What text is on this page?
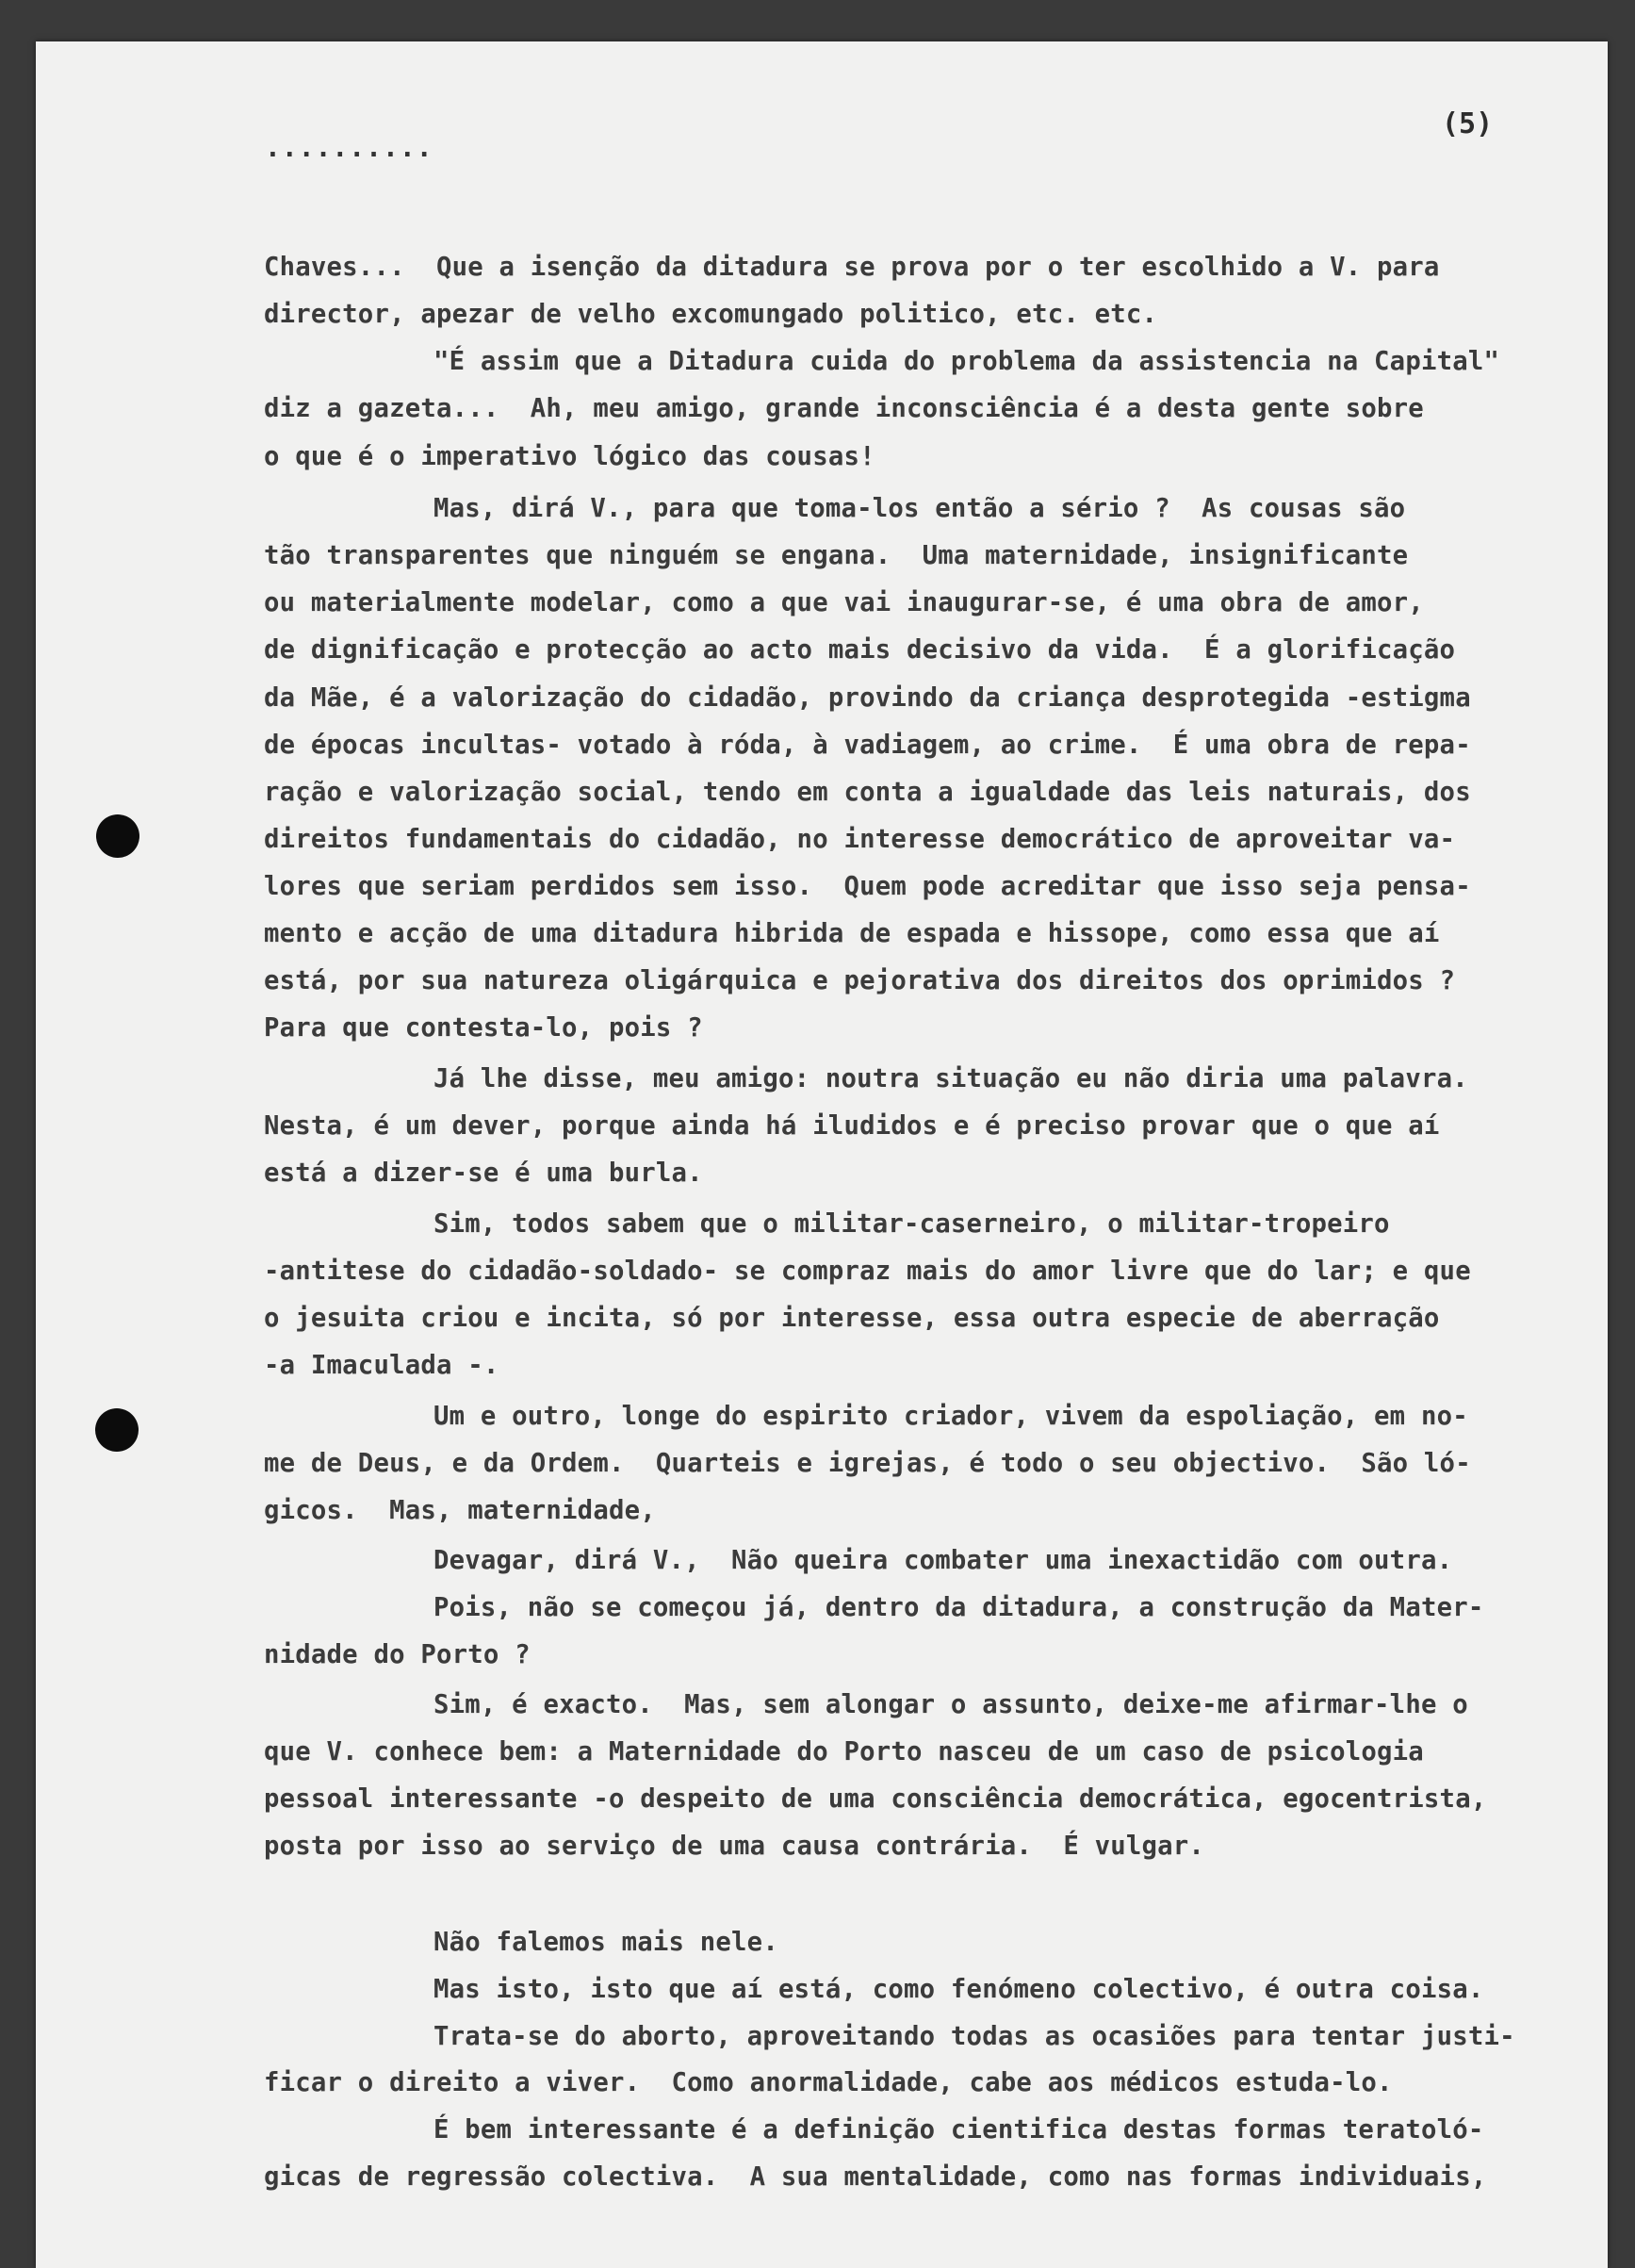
..........
(5)

Chaves...  Que a isenção da ditadura se prova por o ter escolhido a V. para

director, apezar de velho excomungado politico, etc. etc.

"É assim que a Ditadura cuida do problema da assistencia na Capital"

diz a gazeta...  Ah, meu amigo, grande inconsciência é a desta gente sobre

o que é o imperativo lógico das cousas!

Mas, dirá V., para que toma-los então a sério ?  As cousas são

tão transparentes que ninguém se engana.  Uma maternidade, insignificante

ou materialmente modelar, como a que vai inaugurar-se, é uma obra de amor,

de dignificação e protecção ao acto mais decisivo da vida.  É a glorificação

da Mãe, é a valorização do cidadão, provindo da criança desprotegida -estigma

de épocas incultas- votado à róda, à vadiagem, ao crime.  É uma obra de repa-

ração e valorização social, tendo em conta a igualdade das leis naturais, dos

direitos fundamentais do cidadão, no interesse democrático de aproveitar va-

lores que seriam perdidos sem isso.  Quem pode acreditar que isso seja pensa-

mento e acção de uma ditadura hibrida de espada e hissope, como essa que aí

está, por sua natureza oligárquica e pejorativa dos direitos dos oprimidos ?

Para que contesta-lo, pois ?

Já lhe disse, meu amigo: noutra situação eu não diria uma palavra.

Nesta, é um dever, porque ainda há iludidos e é preciso provar que o que aí

está a dizer-se é uma burla.

Sim, todos sabem que o militar-caserneiro, o militar-tropeiro

-antitese do cidadão-soldado- se compraz mais do amor livre que do lar; e que

o jesuita criou e incita, só por interesse, essa outra especie de aberração

-a Imaculada -.

Um e outro, longe do espirito criador, vivem da espoliação, em no-

me de Deus, e da Ordem.  Quarteis e igrejas, é todo o seu objectivo.  São ló-

gicos.  Mas, maternidade,

Devagar, dirá V.,  Não queira combater uma inexactidão com outra.

Pois, não se começou já, dentro da ditadura, a construção da Mater-

nidade do Porto ?

Sim, é exacto.  Mas, sem alongar o assunto, deixe-me afirmar-lhe o

que V. conhece bem: a Maternidade do Porto nasceu de um caso de psicologia

pessoal interessante -o despeito de uma consciência democrática, egocentrista,

posta por isso ao serviço de uma causa contrária.  É vulgar.

Não falemos mais nele.

Mas isto, isto que aí está, como fenómeno colectivo, é outra coisa.

Trata-se do aborto, aproveitando todas as ocasiões para tentar justi-

ficar o direito a viver.  Como anormalidade, cabe aos médicos estuda-lo.

É bem interessante é a definição cientifica destas formas teratoló-

gicas de regressão colectiva.  A sua mentalidade, como nas formas individuais,
